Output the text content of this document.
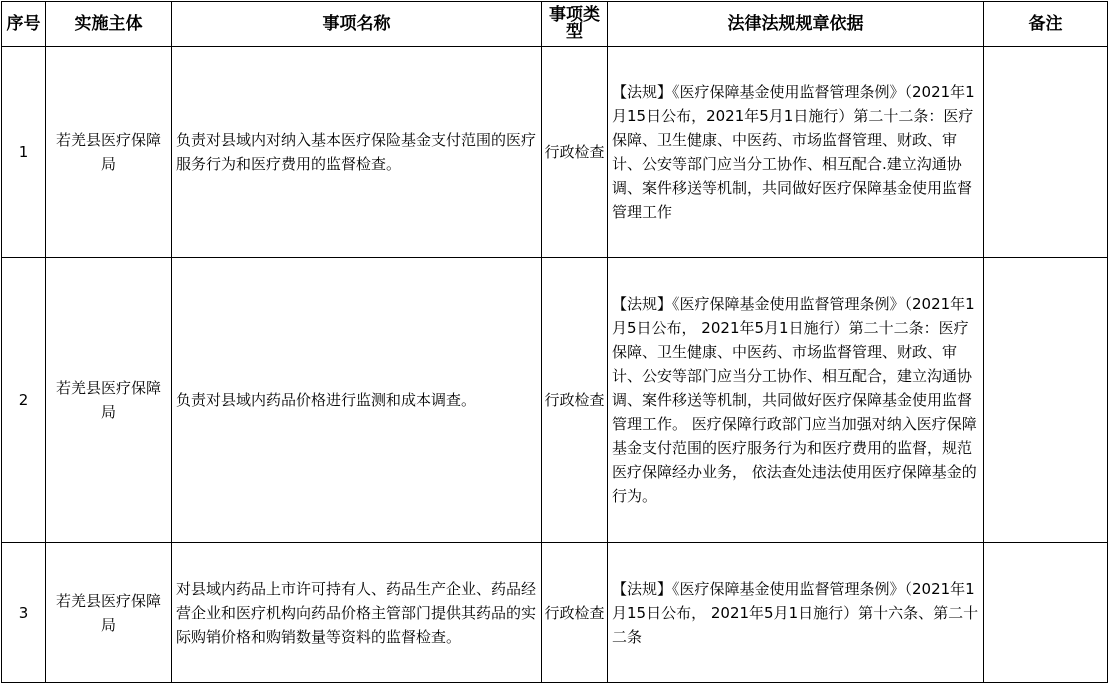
序号	实施主体	事项名称	事项类型	法律法规规章依据	备注
1	若羌县医疗保障局	负责对县域内对纳入基本医疗保险基金支付范围的医疗服务行为和医疗费用的监督检查。	行政检查	【法规】《医疗保障基金使用监督管理条例》（2021年1月15日公布，2021年5月1日施行）第二十二条：医疗保障、卫生健康、中医药、市场监督管理、财政、审计、公安等部门应当分工协作、相互配合.建立沟通协调、案件移送等机制，共同做好医疗保障基金使用监督管理工作	
2	若羌县医疗保障局	负责对县域内药品价格进行监测和成本调查。	行政检查	【法规】《医疗保障基金使用监督管理条例》（2021年1月5日公布， 2021年5月1日施行）第二十二条：医疗保障、卫生健康、中医药、市场监督管理、财政、审计、公安等部门应当分工协作、相互配合，建立沟通协调、案件移送等机制，共同做好医疗保障基金使用监督管理工作。 医疗保障行政部门应当加强对纳入医疗保障基金支付范围的医疗服务行为和医疗费用的监督，规范医疗保障经办业务， 依法查处违法使用医疗保障基金的行为。	
3	若羌县医疗保障局	对县域内药品上市许可持有人、药品生产企业、药品经营企业和医疗机构向药品价格主管部门提供其药品的实际购销价格和购销数量等资料的监督检查。	行政检查	【法规】《医疗保障基金使用监督管理条例》（2021年1月15日公布， 2021年5月1日施行）第十六条、第二十二条	
